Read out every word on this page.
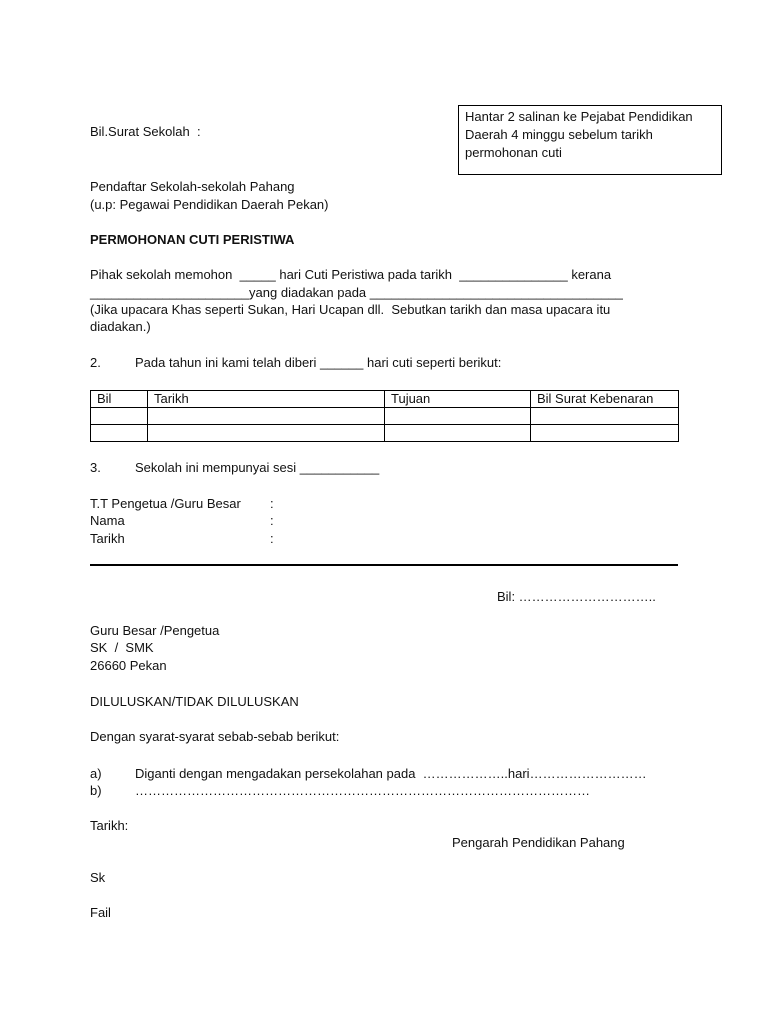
Bil.Surat Sekolah  :
Hantar 2 salinan ke Pejabat Pendidikan
Daerah 4 minggu sebelum tarikh
permohonan cuti
Pendaftar Sekolah-sekolah Pahang
(u.p: Pegawai Pendidikan Daerah Pekan)
PERMOHONAN CUTI PERISTIWA
Pihak sekolah memohon  _____ hari Cuti Peristiwa pada tarikh  _______________ kerana
______________________yang diadakan pada ___________________________________
(Jika upacara Khas seperti Sukan, Hari Ucapan dll.  Sebutkan tarikh dan masa upacara itu
diadakan.)
2.	Pada tahun ini kami telah diberi ______ hari cuti seperti berikut:
Bil	Tarikh	Tujuan	Bil Surat Kebenaran

3.	Sekolah ini mempunyai sesi ___________
T.T Pengetua /Guru Besar :
Nama	:
Tarikh	:
Bil: …………………………..
Guru Besar /Pengetua
SK  /  SMK
26660 Pekan
DILULUSKAN/TIDAK DILULUSKAN
Dengan syarat-syarat sebab-sebab berikut:
a)	Diganti dengan mengadakan persekolahan pada  ………………..hari………………………
b)	……………………………………………………………………………………………
Tarikh:
Pengarah Pendidikan Pahang
Sk
Fail
